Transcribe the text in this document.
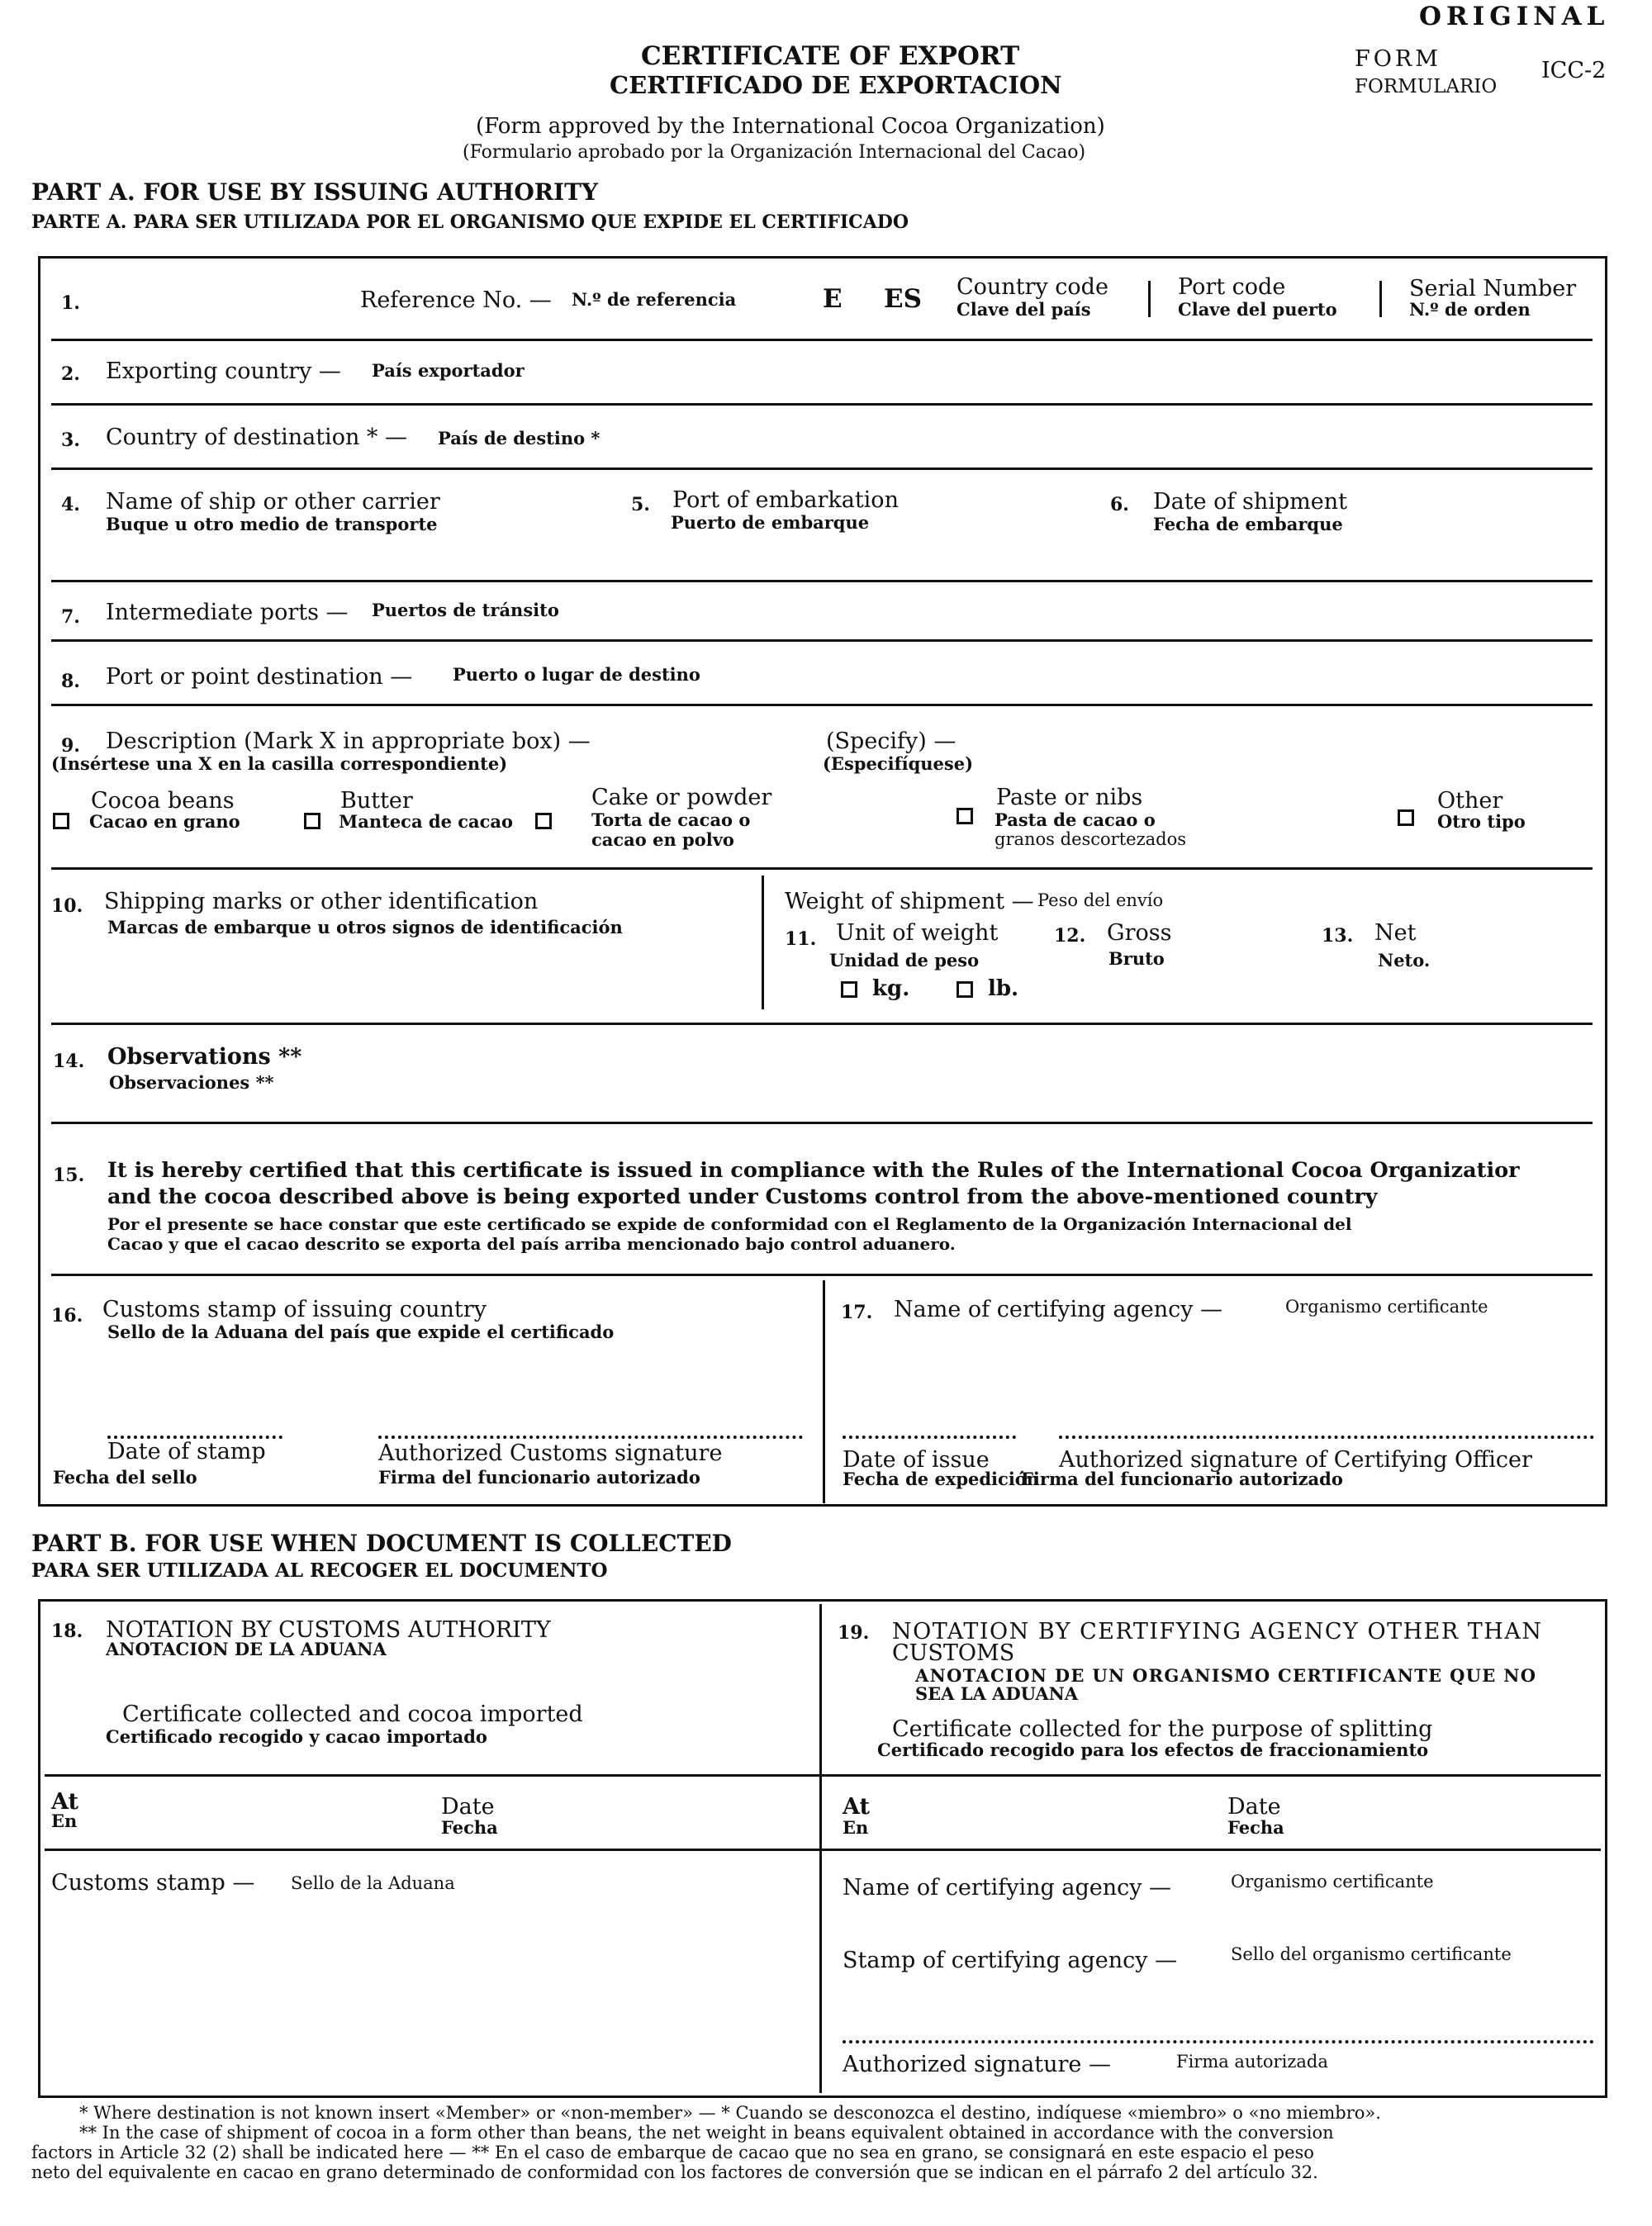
ORIGINAL
FORM
FORMULARIO
ICC-2
CERTIFICATE OF EXPORT
CERTIFICADO DE EXPORTACION
(Form approved by the International Cocoa Organization)
(Formulario aprobado por la Organización Internacional del Cacao)
PART A. FOR USE BY ISSUING AUTHORITY
PARTE A. PARA SER UTILIZADA POR EL ORGANISMO QUE EXPIDE EL CERTIFICADO
1.	Reference No. — N.º de referencia	E ES Country code
Clave del país
Port code
Clave del puerto
Serial Number
N.º de orden
2. Exporting country — País exportador
3. Country of destination * — País de destino *
4. Name of ship or other carrier
Buque u otro medio de transporte
5. Port of embarkation
Puerto de embarque
6. Date of shipment
Fecha de embarque
7. Intermediate ports — Puertos de tránsito
8. Port or point destination — Puerto o lugar de destino
9. Description (Mark X in appropriate box) —
(Insértese una X en la casilla correspondiente)
(Specify) —
(Especifíquese)
Cocoa beans
Cacao en grano
Butter
Manteca de cacao
Cake or powder
Torta de cacao o
cacao en polvo
Paste or nibs
Pasta de cacao o
granos descortezados
Other
Otro tipo
10. Shipping marks or other identification
Marcas de embarque u otros signos de identificación
Weight of shipment — Peso del envío
11. Unit of weight
Unidad de peso
12. Gross
Bruto
13. Net
Neto.
kg.	lb.
14. Observations **
Observaciones **
15. It is hereby certified that this certificate is issued in compliance with the Rules of the International Cocoa Organizatior
and the cocoa described above is being exported under Customs control from the above-mentioned country
Por el presente se hace constar que este certificado se expide de conformidad con el Reglamento de la Organización Internacional del
Cacao y que el cacao descrito se exporta del país arriba mencionado bajo control aduanero.
16. Customs stamp of issuing country
Sello de la Aduana del país que expide el certificado
17. Name of certifying agency —	Organismo certificante
Date of stamp
Fecha del sello
Authorized Customs signature
Firma del funcionario autorizado
Date of issue
Fecha de expedición
Authorized signature of Certifying Officer
Firma del funcionario autorizado
PART B. FOR USE WHEN DOCUMENT IS COLLECTED
PARA SER UTILIZADA AL RECOGER EL DOCUMENTO
18. NOTATION BY CUSTOMS AUTHORITY
ANOTACION DE LA ADUANA
Certificate collected and cocoa imported
Certificado recogido y cacao importado
19. NOTATION BY CERTIFYING AGENCY OTHER THAN
CUSTOMS
ANOTACION DE UN ORGANISMO CERTIFICANTE QUE NO
SEA LA ADUANA
Certificate collected for the purpose of splitting
Certificado recogido para los efectos de fraccionamiento
At
En
Date
Fecha
At
En
Date
Fecha
Customs stamp — Sello de la Aduana	Name of certifying agency —	Organismo certificante
Stamp of certifying agency —	Sello del organismo certificante
Authorized signature —	Firma autorizada
* Where destination is not known insert «Member» or «non-member» — * Cuando se desconozca el destino, indíquese «miembro» o «no miembro».
** In the case of shipment of cocoa in a form other than beans, the net weight in beans equivalent obtained in accordance with the conversion
factors in Article 32 (2) shall be indicated here — ** En el caso de embarque de cacao que no sea en grano, se consignará en este espacio el peso
neto del equivalente en cacao en grano determinado de conformidad con los factores de conversión que se indican en el párrafo 2 del artículo 32.
